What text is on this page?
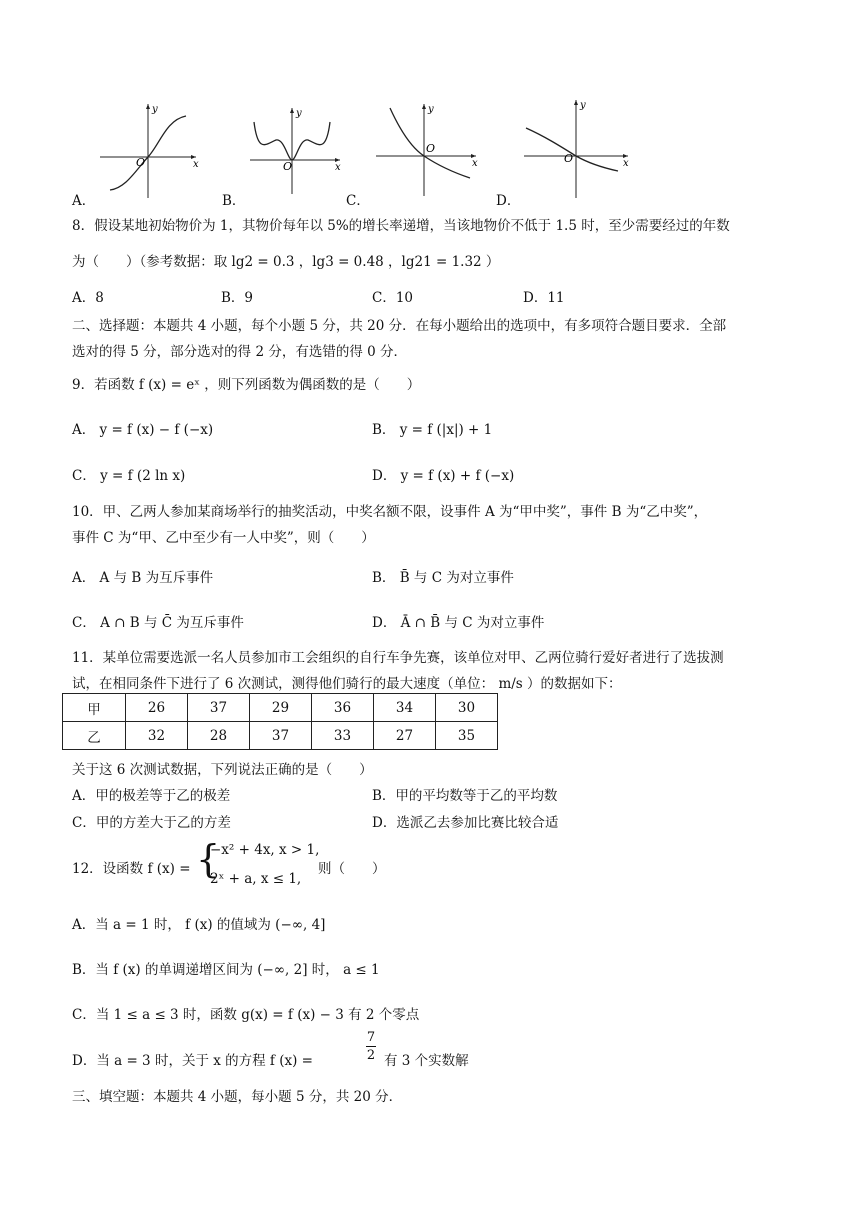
y
x
O
A．
y
x
O
B．
y
x
O
C．
y
x
O
D．
8．假设某地初始物价为 1，其物价每年以 5%的增长率递增，当该地物价不低于 1.5 时，至少需要经过的年数
为（　　）（参考数据：取 lg2 = 0.3 ，lg3 = 0.48 ，lg21 = 1.32 ）
A．8	B．9	C．10	D．11
二、选择题：本题共 4 小题，每个小题 5 分，共 20 分．在每小题给出的选项中，有多项符合题目要求．全部
选对的得 5 分，部分选对的得 2 分，有选错的得 0 分．
9．若函数 f (x) = eˣ ，则下列函数为偶函数的是（　　）
A． y = f (x) − f (−x)	B． y = f (|x|) + 1
C． y = f (2 ln x)	D． y = f (x) + f (−x)
10．甲、乙两人参加某商场举行的抽奖活动，中奖名额不限，设事件 A 为“甲中奖”，事件 B 为“乙中奖”，
事件 C 为“甲、乙中至少有一人中奖”，则（　　）
A． A 与 B 为互斥事件	B． B̄ 与 C 为对立事件
C． A ∩ B 与 C̄ 为互斥事件	D． Ā ∩ B̄ 与 C 为对立事件
11．某单位需要选派一名人员参加市工会组织的自行车争先赛，该单位对甲、乙两位骑行爱好者进行了选拔测
试，在相同条件下进行了 6 次测试，测得他们骑行的最大速度（单位： m/s ）的数据如下：
甲	26	37	29	36	34	30
乙	32	28	37	33	27	35
关于这 6 次测试数据，下列说法正确的是（　　）
A．甲的极差等于乙的极差	B．甲的平均数等于乙的平均数
C．甲的方差大于乙的方差	D．选派乙去参加比赛比较合适
12．设函数 f (x) = {
−x² + 4x, x > 1,
2ˣ + a, x ≤ 1,
则（　　）
A．当 a = 1 时， f (x) 的值域为 (−∞, 4]
B．当 f (x) 的单调递增区间为 (−∞, 2] 时， a ≤ 1
C．当 1 ≤ a ≤ 3 时，函数 g(x) = f (x) − 3 有 2 个零点
D．当 a = 3 时，关于 x 的方程 f (x) =
7
2 有 3 个实数解
三、填空题：本题共 4 小题，每小题 5 分，共 20 分．
